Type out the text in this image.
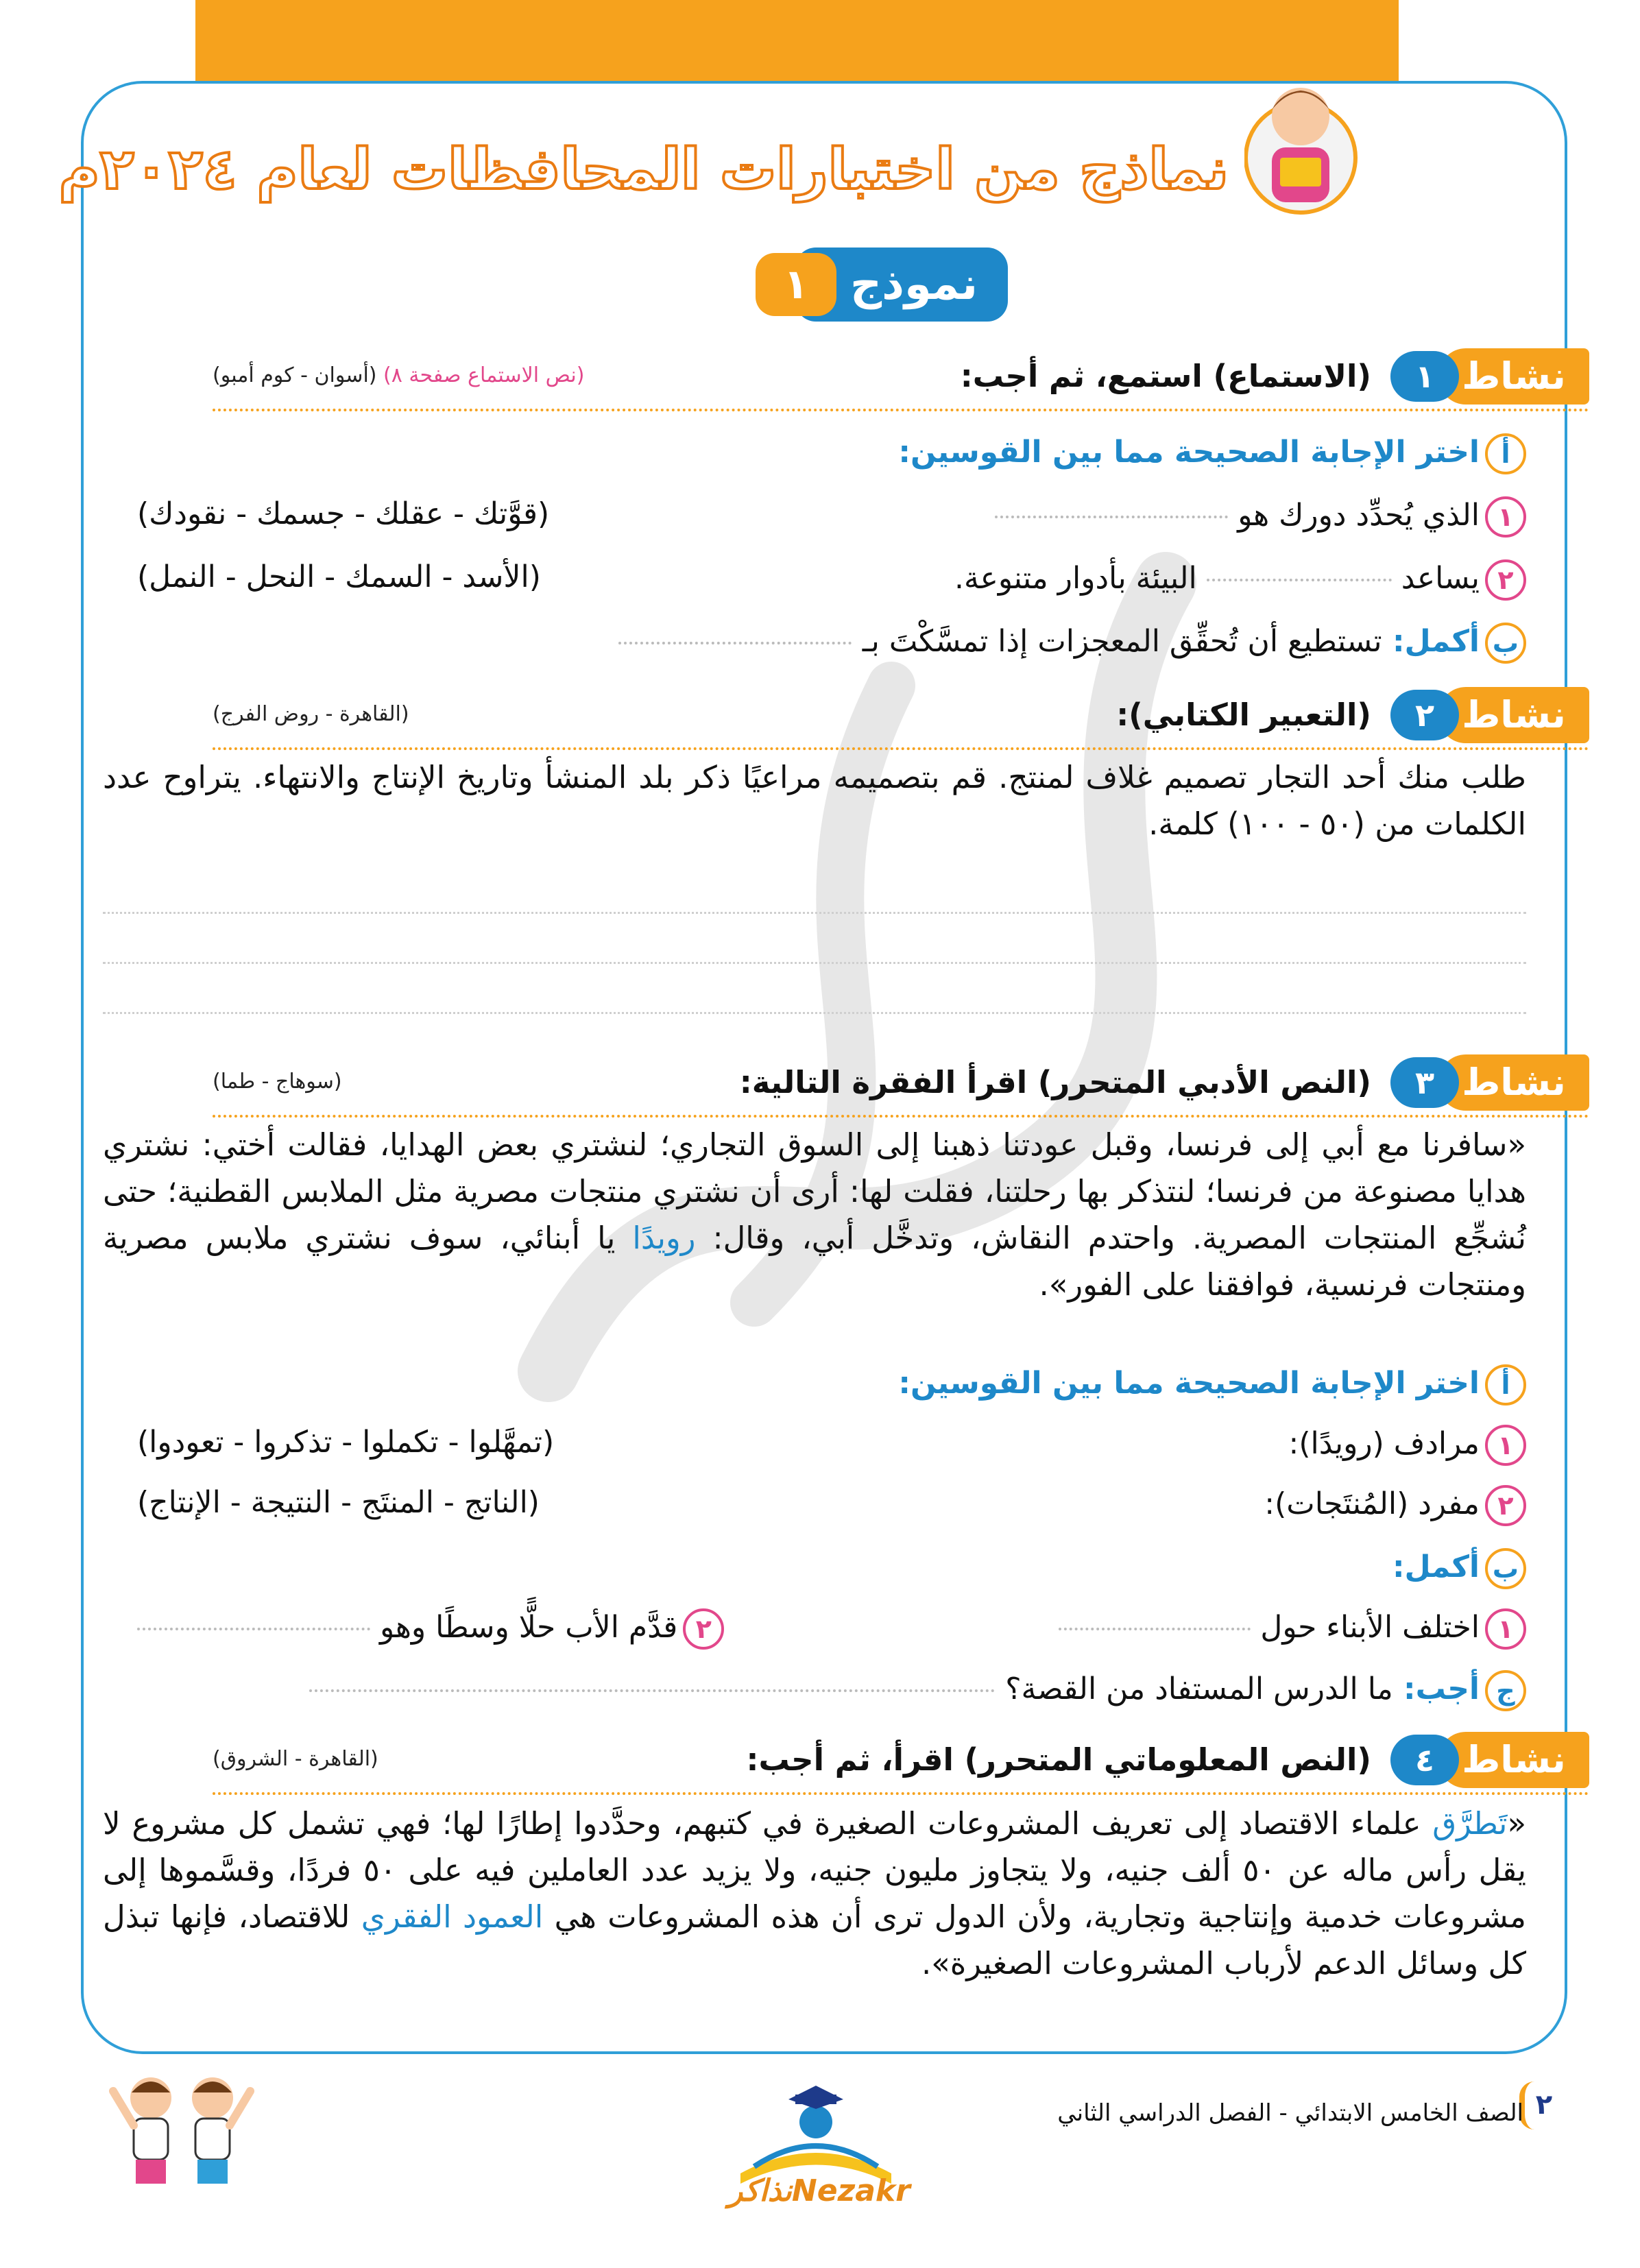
نماذج من اختبارات المحافظات لعام ٢٠٢٤م
نموذج
١
نشاط
١
(الاستماع) استمع، ثم أجب:
(نص الاستماع صفحة ٨) (أسوان - كوم أمبو)
أاختر الإجابة الصحيحة مما بين القوسين:
١الذي يُحدِّد دورك هو
(قوَّتك - عقلك - جسمك - نقودك)
٢يساعد  البيئة بأدوار متنوعة.
(الأسد - السمك - النحل - النمل)
بأكمل: تستطيع أن تُحقِّق المعجزات إذا تمسَّكْتَ بـ
نشاط
٢
(التعبير الكتابي):
(القاهرة - روض الفرج)
طلب منك أحد التجار تصميم غلاف لمنتج. قم بتصميمه مراعيًا ذكر بلد المنشأ وتاريخ الإنتاج والانتهاء. يتراوح عدد الكلمات من (٥٠ - ١٠٠) كلمة.
نشاط
٣
(النص الأدبي المتحرر) اقرأ الفقرة التالية:
(سوهاج - طما)
«سافرنا مع أبي إلى فرنسا، وقبل عودتنا ذهبنا إلى السوق التجاري؛ لنشتري بعض الهدايا، فقالت أختي: نشتري هدايا مصنوعة من فرنسا؛ لنتذكر بها رحلتنا، فقلت لها: أرى أن نشتري منتجات مصرية مثل الملابس القطنية؛ حتى نُشجِّع المنتجات المصرية. واحتدم النقاش، وتدخَّل أبي، وقال: رويدًا يا أبنائي، سوف نشتري ملابس مصرية ومنتجات فرنسية، فوافقنا على الفور».
أاختر الإجابة الصحيحة مما بين القوسين:
١مرادف (رويدًا):
(تمهَّلوا - تكملوا - تذكروا - تعودوا)
٢مفرد (المُنتَجات):
(الناتج - المنتَج - النتيجة - الإنتاج)
بأكمل:
١اختلف الأبناء حول
٢قدَّم الأب حلًّا وسطًا وهو
جأجب: ما الدرس المستفاد من القصة؟
نشاط
٤
(النص المعلوماتي المتحرر) اقرأ، ثم أجب:
(القاهرة - الشروق)
«تَطرَّق علماء الاقتصاد إلى تعريف المشروعات الصغيرة في كتبهم، وحدَّدوا إطارًا لها؛ فهي تشمل كل مشروع لا يقل رأس ماله عن ٥٠ ألف جنيه، ولا يتجاوز مليون جنيه، ولا يزيد عدد العاملين فيه على ٥٠ فردًا، وقسَّموها إلى مشروعات خدمية وإنتاجية وتجارية، ولأن الدول ترى أن هذه المشروعات هي العمود الفقري للاقتصاد، فإنها تبذل كل وسائل الدعم لأرباب المشروعات الصغيرة».
٢
الصف الخامس الابتدائي - الفصل الدراسي الثاني
Nezakrنذاكر
